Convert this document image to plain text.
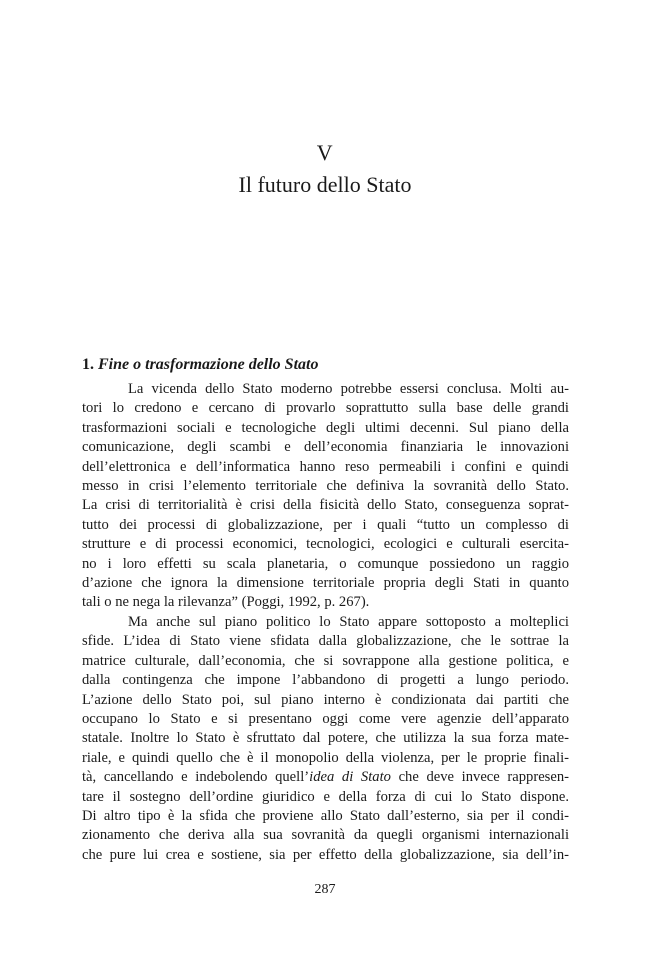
V
Il futuro dello Stato
1. Fine o trasformazione dello Stato
La vicenda dello Stato moderno potrebbe essersi conclusa. Molti au-
tori lo credono e cercano di provarlo soprattutto sulla base delle grandi
trasformazioni sociali e tecnologiche degli ultimi decenni. Sul piano della
comunicazione, degli scambi e dell’economia finanziaria le innovazioni
dell’elettronica e dell’informatica hanno reso permeabili i confini e quindi
messo in crisi l’elemento territoriale che definiva la sovranità dello Stato.
La crisi di territorialità è crisi della fisicità dello Stato, conseguenza soprat-
tutto dei processi di globalizzazione, per i quali “tutto un complesso di
strutture e di processi economici, tecnologici, ecologici e culturali esercita-
no i loro effetti su scala planetaria, o comunque possiedono un raggio
d’azione che ignora la dimensione territoriale propria degli Stati in quanto
tali o ne nega la rilevanza” (Poggi, 1992, p. 267).
Ma anche sul piano politico lo Stato appare sottoposto a molteplici
sfide. L’idea di Stato viene sfidata dalla globalizzazione, che le sottrae la
matrice culturale, dall’economia, che si sovrappone alla gestione politica, e
dalla contingenza che impone l’abbandono di progetti a lungo periodo.
L’azione dello Stato poi, sul piano interno è condizionata dai partiti che
occupano lo Stato e si presentano oggi come vere agenzie dell’apparato
statale. Inoltre lo Stato è sfruttato dal potere, che utilizza la sua forza mate-
riale, e quindi quello che è il monopolio della violenza, per le proprie finali-
tà, cancellando e indebolendo quell’idea di Stato che deve invece rappresen-
tare il sostegno dell’ordine giuridico e della forza di cui lo Stato dispone.
Di altro tipo è la sfida che proviene allo Stato dall’esterno, sia per il condi-
zionamento che deriva alla sua sovranità da quegli organismi internazionali
che pure lui crea e sostiene, sia per effetto della globalizzazione, sia dell’in-
287
